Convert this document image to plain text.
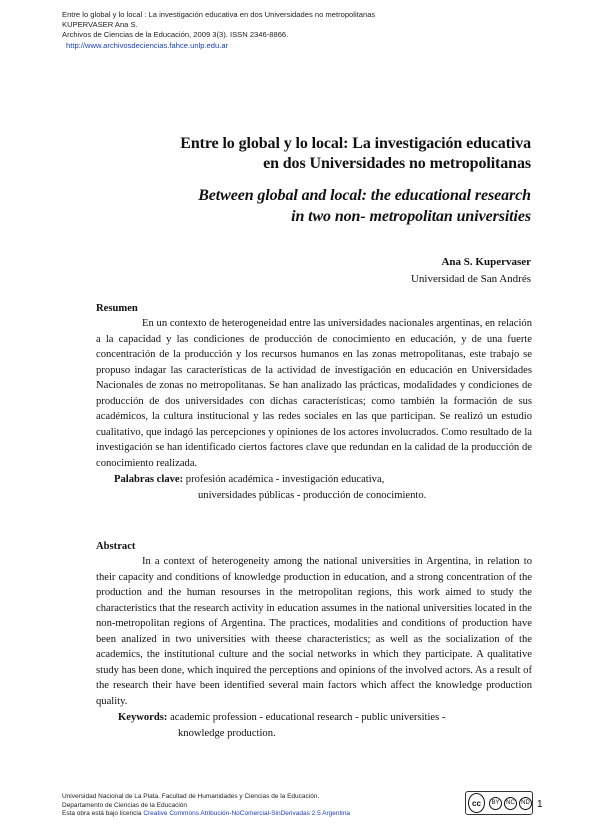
Entre lo global y lo local : La investigación educativa en dos Universidades no metropolitanas
KUPERVASER Ana S.
Archivos de Ciencias de la Educación, 2009 3(3). ISSN 2346-8866.
http://www.archivosdeciencias.fahce.unlp.edu.ar
Entre lo global y lo local: La investigación educativa
en dos Universidades no metropolitanas
Between global and local: the educational research
in two non- metropolitan universities
Ana S. Kupervaser
Universidad de San Andrés
Resumen

En un contexto de heterogeneidad entre las universidades nacionales argentinas, en relación a la capacidad y las condiciones de producción de conocimiento en educación, y de una fuerte concentración de la producción y los recursos humanos en las zonas metropolitanas, este trabajo se propuso indagar las características de la actividad de investigación en educación en Universidades Nacionales de zonas no metropolitanas. Se han analizado las prácticas, modalidades y condiciones de producción de dos universidades con dichas características; como también la formación de sus académicos, la cultura institucional y las redes sociales en las que participan. Se realizó un estudio cualitativo, que indagó las percepciones y opiniones de los actores involucrados. Como resultado de la investigación se han identificado ciertos factores clave que redundan en la calidad de la producción de conocimiento realizada.

Palabras clave: profesión académica - investigación educativa,
universidades públicas - producción de conocimiento.
Abstract

In a context of heterogeneity among the national universities in Argentina, in relation to their capacity and conditions of knowledge production in education, and a strong concentration of the production and the human resourses in the metropolitan regions, this work aimed to study the characteristics that the research activity in education assumes in the national universities located in the non-metropolitan regions of Argentina. The practices, modalities and conditions of production have been analized in two universities with theese characteristics; as well as the socialization of the academics, the institutional culture and the social networks in which they participate. A qualitative study has been done, which inquired the perceptions and opinions of the involved actors. As a result of the research their have been identified several main factors which affect the knowledge production quality.

Keywords: academic profession - educational research - public universities -
knowledge production.
Universidad Nacional de La Plata. Facultad de Humanidades y Ciencias de la Educación.
Departamento de Ciencias de la Educación
Esta obra está bajo licencia Creative Commons Atribución-NoComercial-SinDerivadas 2.5 Argentina
cc	BY	NC	ND 1
